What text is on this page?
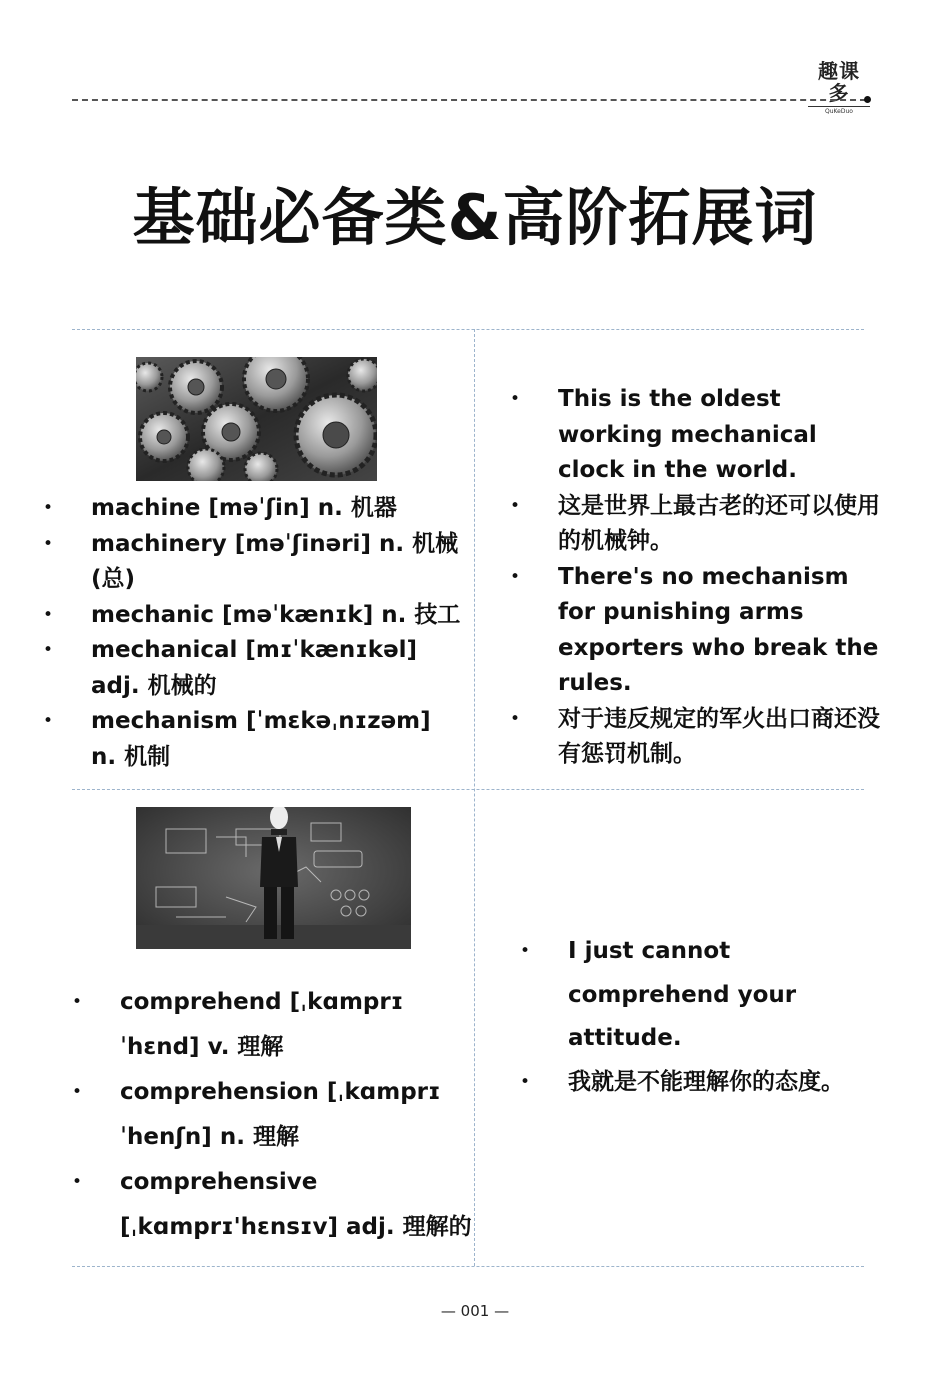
趣课多
QuKeDuo
基础必备类&高阶拓展词
• machine [məˈʃin] n. 机器
• machinery [məˈʃinəri] n. 机械(总)
• mechanic [məˈkænɪk] n. 技工
• mechanical [mɪˈkænɪkəl] adj. 机械的
• mechanism [ˈmɛkəˌnɪzəm] n. 机制
• This is the oldest working mechanical clock in the world.
• 这是世界上最古老的还可以使用的机械钟。
• There's no mechanism for punishing arms exporters who break the rules.
• 对于违反规定的军火出口商还没有惩罚机制。
• comprehend [ˌkɑmprɪˈhɛnd] v. 理解
• comprehension [ˌkɑmprɪˈhenʃn] n. 理解
• comprehensive [ˌkɑmprɪ'hɛnsɪv] adj. 理解的
• I just cannot comprehend your attitude.
• 我就是不能理解你的态度。
— 001 —
